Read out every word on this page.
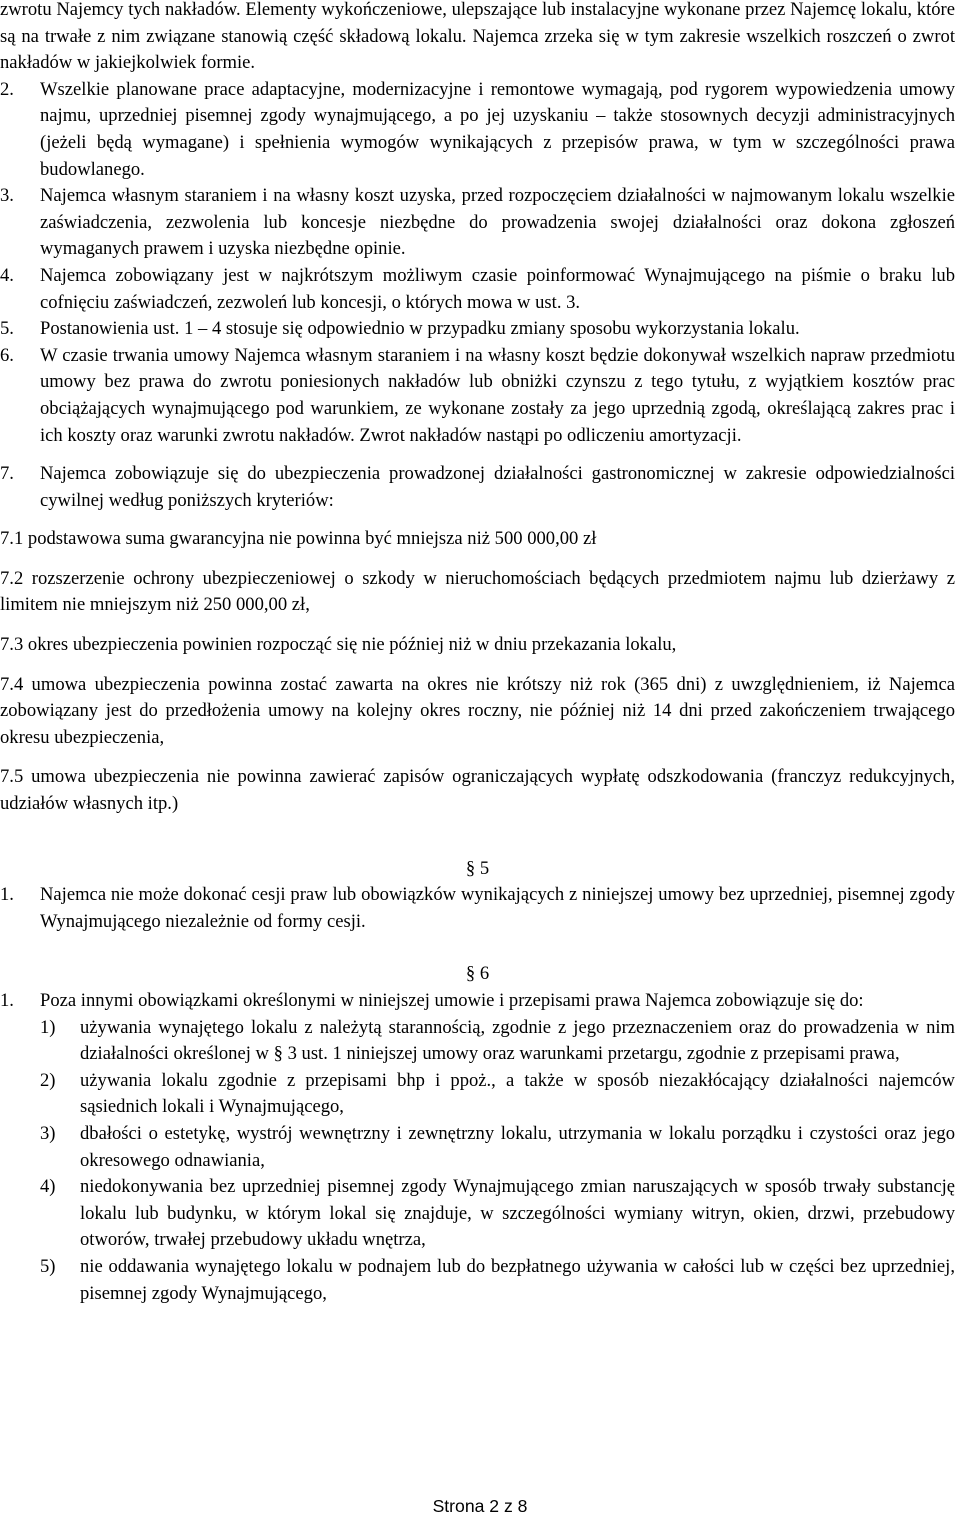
zwrotu Najemcy tych nakładów. Elementy wykończeniowe, ulepszające lub instalacyjne wykonane przez Najemcę lokalu, które są na trwałe z nim związane stanowią część składową lokalu. Najemca zrzeka się w tym zakresie wszelkich roszczeń o zwrot nakładów w jakiejkolwiek formie.

2.	Wszelkie planowane prace adaptacyjne, modernizacyjne i remontowe wymagają, pod rygorem wypowiedzenia umowy najmu, uprzedniej pisemnej zgody wynajmującego, a po jej uzyskaniu – także stosownych decyzji administracyjnych (jeżeli będą wymagane) i spełnienia wymogów wynikających z przepisów prawa, w tym w szczególności prawa budowlanego.
3.	Najemca własnym staraniem i na własny koszt uzyska, przed rozpoczęciem działalności w najmowanym lokalu wszelkie zaświadczenia, zezwolenia lub koncesje niezbędne do prowadzenia swojej działalności oraz dokona zgłoszeń wymaganych prawem i uzyska niezbędne opinie.
4.	Najemca zobowiązany jest w najkrótszym możliwym czasie poinformować Wynajmującego na piśmie o braku lub cofnięciu zaświadczeń, zezwoleń lub koncesji, o których mowa w ust. 3.
5.	Postanowienia ust. 1 – 4 stosuje się odpowiednio w przypadku zmiany sposobu wykorzystania lokalu.
6.	W czasie trwania umowy Najemca własnym staraniem i na własny koszt będzie dokonywał wszelkich napraw przedmiotu umowy bez prawa do zwrotu poniesionych nakładów lub obniżki czynszu z tego tytułu, z wyjątkiem kosztów prac obciążających wynajmującego pod warunkiem, ze wykonane zostały za jego uprzednią zgodą, określającą zakres prac i ich koszty oraz warunki zwrotu nakładów. Zwrot nakładów nastąpi po odliczeniu amortyzacji.
7.	Najemca zobowiązuje się do ubezpieczenia prowadzonej działalności gastronomicznej w zakresie odpowiedzialności cywilnej według poniższych kryteriów:

7.1 podstawowa suma gwarancyjna nie powinna być mniejsza niż 500 000,00 zł

7.2 rozszerzenie ochrony ubezpieczeniowej o szkody w nieruchomościach będących przedmiotem najmu lub dzierżawy z limitem nie mniejszym niż 250 000,00 zł,

7.3 okres ubezpieczenia powinien rozpocząć się nie później niż w dniu przekazania lokalu,

7.4 umowa ubezpieczenia powinna zostać zawarta na okres nie krótszy niż rok (365 dni) z uwzględnieniem, iż Najemca zobowiązany jest do przedłożenia umowy na kolejny okres roczny, nie później niż 14 dni przed zakończeniem trwającego okresu ubezpieczenia,

7.5 umowa ubezpieczenia nie powinna zawierać zapisów ograniczających wypłatę odszkodowania (franczyz redukcyjnych, udziałów własnych itp.)

§ 5

1.	Najemca nie może dokonać cesji praw lub obowiązków wynikających z niniejszej umowy bez uprzedniej, pisemnej zgody Wynajmującego niezależnie od formy cesji.

§ 6

1.	Poza innymi obowiązkami określonymi w niniejszej umowie i przepisami prawa Najemca zobowiązuje się do:
1)	używania wynajętego lokalu z należytą starannością, zgodnie z jego przeznaczeniem oraz do prowadzenia w nim działalności określonej w § 3 ust. 1 niniejszej umowy oraz warunkami przetargu, zgodnie z przepisami prawa,
2)	używania lokalu zgodnie z przepisami bhp i ppoż., a także w sposób niezakłócający działalności najemców sąsiednich lokali i Wynajmującego,
3)	dbałości o estetykę, wystrój wewnętrzny i zewnętrzny lokalu, utrzymania w lokalu porządku i czystości oraz jego okresowego odnawiania,
4)	niedokonywania bez uprzedniej pisemnej zgody Wynajmującego zmian naruszających w sposób trwały substancję lokalu lub budynku, w którym lokal się znajduje, w szczególności wymiany witryn, okien, drzwi, przebudowy otworów, trwałej przebudowy układu wnętrza,
5)	nie oddawania wynajętego lokalu w podnajem lub do bezpłatnego używania w całości lub w części bez uprzedniej, pisemnej zgody Wynajmującego,
Strona 2 z 8
